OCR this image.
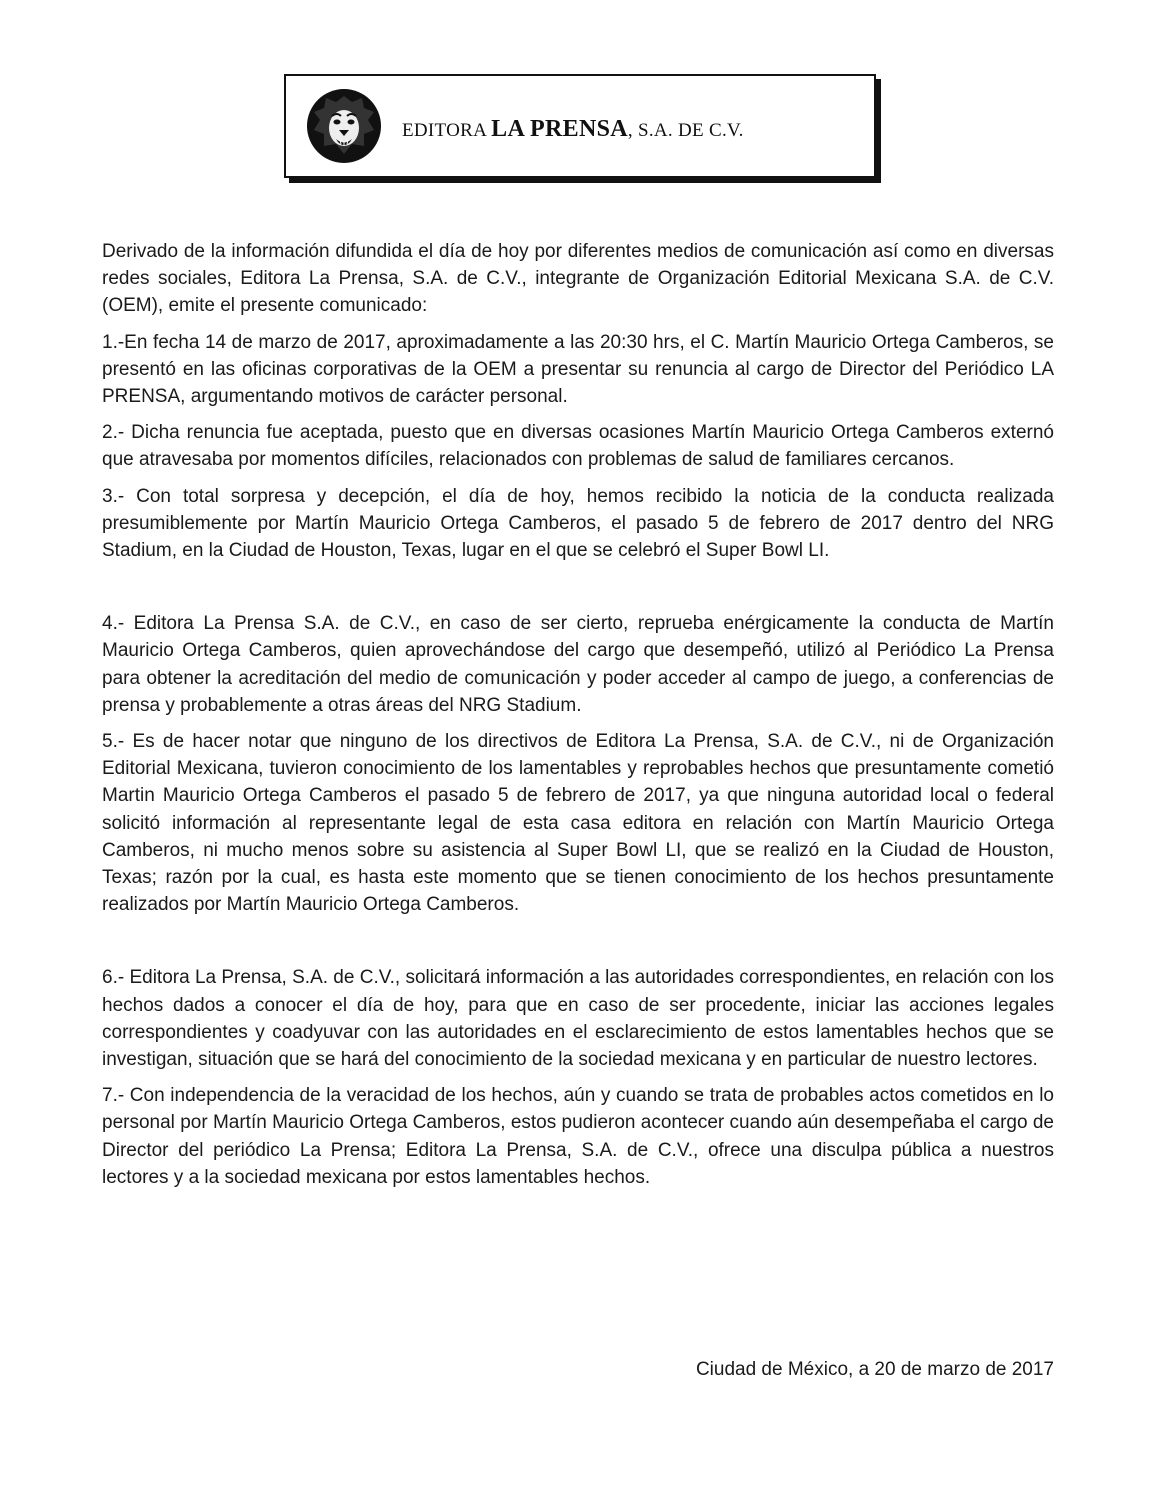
EDITORA LA PRENSA, S.A. DE C.V.

Derivado de la información difundida el día de hoy por diferentes medios de comunicación así como en diversas redes sociales, Editora La Prensa, S.A. de C.V., integrante de Organización Editorial Mexicana S.A. de C.V. (OEM), emite el presente comunicado:

1.-En fecha 14 de marzo de 2017, aproximadamente a las 20:30 hrs, el C. Martín Mauricio Ortega Camberos, se presentó en las oficinas corporativas de la OEM a presentar su renuncia al cargo de Director del Periódico LA PRENSA, argumentando motivos de carácter personal.

2.- Dicha renuncia fue aceptada, puesto que en diversas ocasiones Martín Mauricio Ortega Camberos externó que atravesaba por momentos difíciles, relacionados con problemas de salud de familiares cercanos.

3.- Con total sorpresa y decepción, el día de hoy, hemos recibido la noticia de la conducta realizada presumiblemente por Martín Mauricio Ortega Camberos, el pasado 5 de febrero de 2017 dentro del NRG Stadium, en la Ciudad de Houston, Texas, lugar en el que se celebró el Super Bowl LI.

4.- Editora La Prensa S.A. de C.V., en caso de ser cierto, reprueba enérgicamente la conducta de Martín Mauricio Ortega Camberos, quien aprovechándose del cargo que desempeñó, utilizó al Periódico La Prensa para obtener la acreditación del medio de comunicación y poder acceder al campo de juego, a conferencias de prensa y probablemente a otras áreas del NRG Stadium.

5.- Es de hacer notar que ninguno de los directivos de Editora La Prensa, S.A. de C.V., ni de Organización Editorial Mexicana, tuvieron conocimiento de los lamentables y reprobables hechos que presuntamente cometió Martin Mauricio Ortega Camberos el pasado 5 de febrero de 2017, ya que ninguna autoridad local o federal solicitó información al representante legal de esta casa editora en relación con Martín Mauricio Ortega Camberos, ni mucho menos sobre su asistencia al Super Bowl LI, que se realizó en la Ciudad de Houston, Texas; razón por la cual, es hasta este momento que se tienen conocimiento de los hechos presuntamente realizados por Martín Mauricio Ortega Camberos.

6.- Editora La Prensa, S.A. de C.V., solicitará información a las autoridades correspondientes, en relación con los hechos dados a conocer el día de hoy, para que en caso de ser procedente, iniciar las acciones legales correspondientes y coadyuvar con las autoridades en el esclarecimiento de estos lamentables hechos que se investigan, situación que se hará del conocimiento de la sociedad mexicana y en particular de nuestro lectores.

7.- Con independencia de la veracidad de los hechos, aún y cuando se trata de probables actos cometidos en lo personal por Martín Mauricio Ortega Camberos, estos pudieron acontecer cuando aún desempeñaba el cargo de Director del periódico La Prensa; Editora La Prensa, S.A. de C.V., ofrece una disculpa pública a nuestros lectores y a la sociedad mexicana por estos lamentables hechos.

Ciudad de México, a 20 de marzo de 2017
